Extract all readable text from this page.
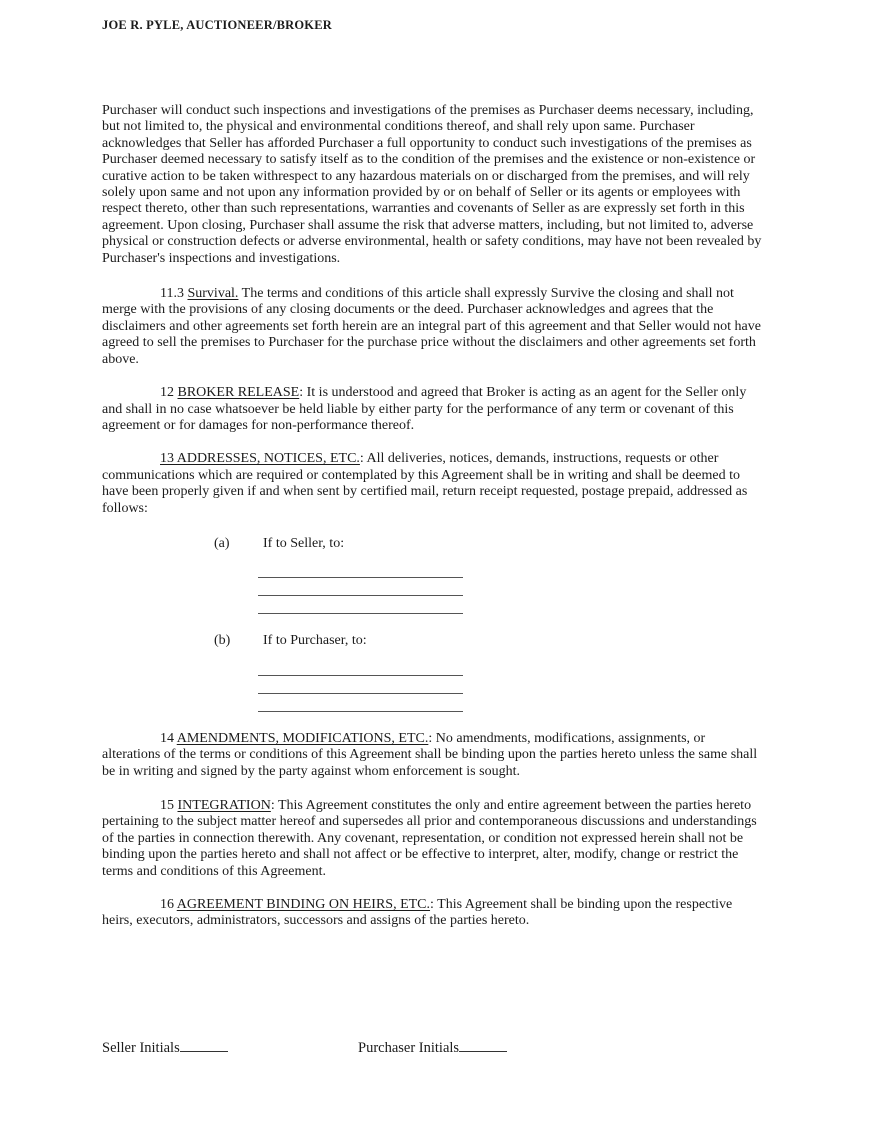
JOE R. PYLE, AUCTIONEER/BROKER

Purchaser will conduct such inspections and investigations of the premises as Purchaser deems necessary, including, but not limited to, the physical and environmental conditions thereof, and shall rely upon same. Purchaser acknowledges that Seller has afforded Purchaser a full opportunity to conduct such investigations of the premises as Purchaser deemed necessary to satisfy itself as to the condition of the premises and the existence or non-existence or curative action to be taken withrespect to any hazardous materials on or discharged from the premises, and will rely solely upon same and not upon any information provided by or on behalf of Seller or its agents or employees with respect thereto, other than such representations, warranties and covenants of Seller as are expressly set forth in this agreement. Upon closing, Purchaser shall assume the risk that adverse matters, including, but not limited to, adverse physical or construction defects or adverse environmental, health or safety conditions, may have not been revealed by Purchaser's inspections and investigations.

11.3 Survival. The terms and conditions of this article shall expressly Survive the closing and shall not merge with the provisions of any closing documents or the deed. Purchaser acknowledges and agrees that the disclaimers and other agreements set forth herein are an integral part of this agreement and that Seller would not have agreed to sell the premises to Purchaser for the purchase price without the disclaimers and other agreements set forth above.

12 BROKER RELEASE: It is understood and agreed that Broker is acting as an agent for the Seller only and shall in no case whatsoever be held liable by either party for the performance of any term or covenant of this agreement or for damages for non-performance thereof.

13 ADDRESSES, NOTICES, ETC.: All deliveries, notices, demands, instructions, requests or other communications which are required or contemplated by this Agreement shall be in writing and shall be deemed to have been properly given if and when sent by certified mail, return receipt requested, postage prepaid, addressed as follows:

(a) If to Seller, to:
(b) If to Purchaser, to:

14 AMENDMENTS, MODIFICATIONS, ETC.: No amendments, modifications, assignments, or alterations of the terms or conditions of this Agreement shall be binding upon the parties hereto unless the same shall be in writing and signed by the party against whom enforcement is sought.

15 INTEGRATION: This Agreement constitutes the only and entire agreement between the parties hereto pertaining to the subject matter hereof and supersedes all prior and contemporaneous discussions and understandings of the parties in connection therewith. Any covenant, representation, or condition not expressed herein shall not be binding upon the parties hereto and shall not affect or be effective to interpret, alter, modify, change or restrict the terms and conditions of this Agreement.

16 AGREEMENT BINDING ON HEIRS, ETC.: This Agreement shall be binding upon the respective heirs, executors, administrators, successors and assigns of the parties hereto.

Seller Initials	Purchaser Initials
